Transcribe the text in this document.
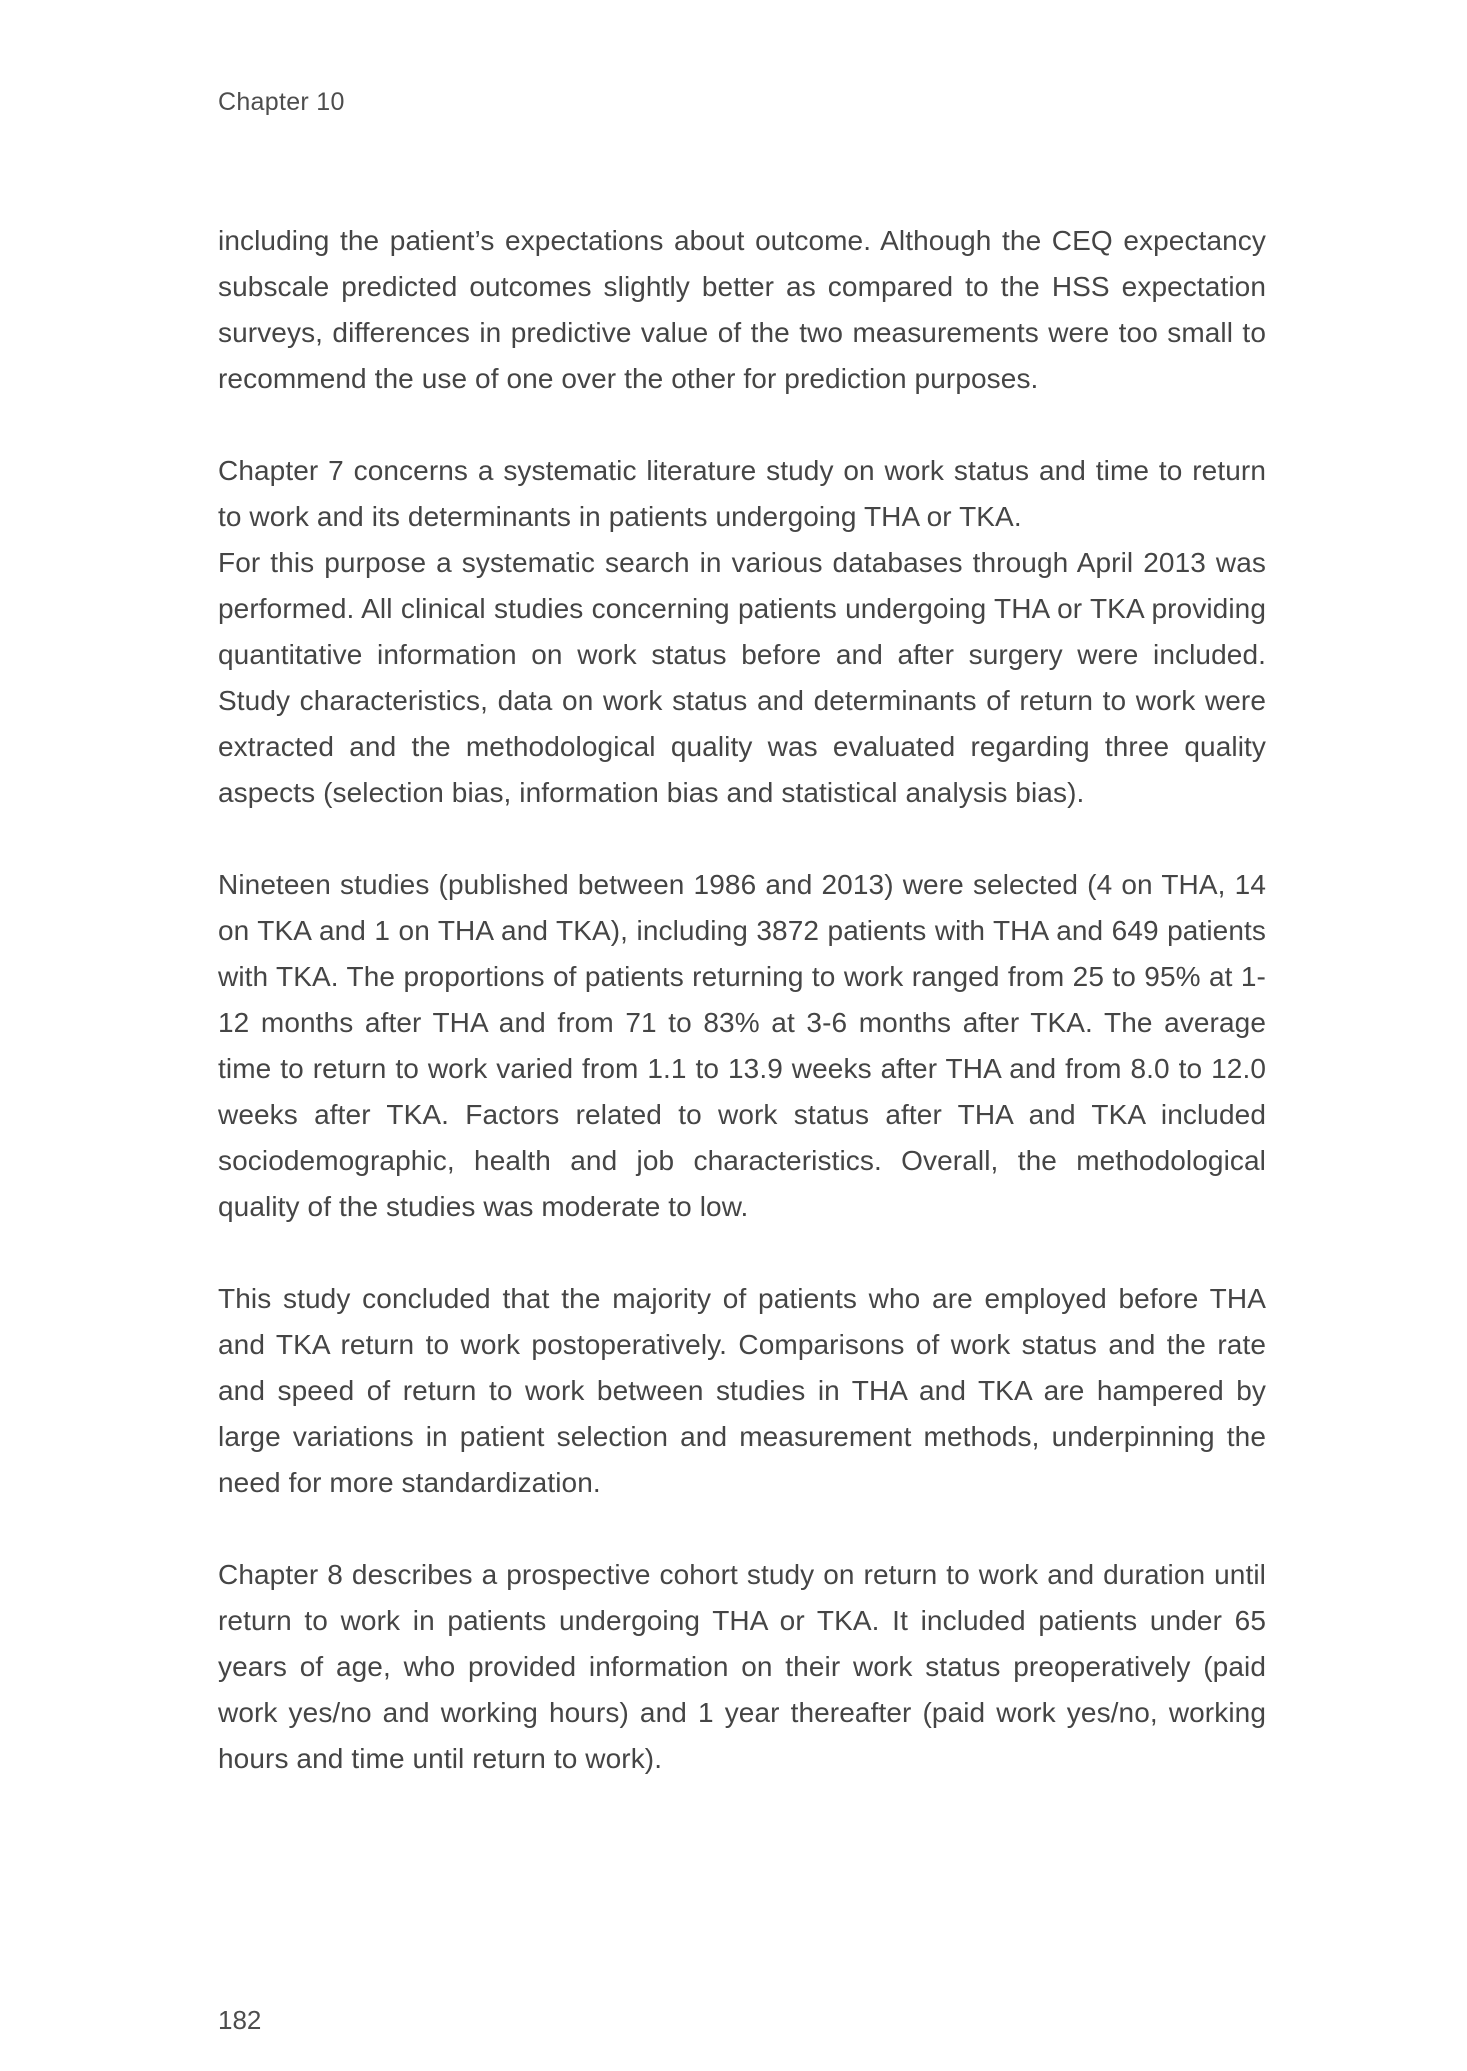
Chapter 10

including the patient’s expectations about outcome. Although the CEQ expectancy subscale predicted outcomes slightly better as compared to the HSS expectation surveys, differences in predictive value of the two measurements were too small to recommend the use of one over the other for prediction purposes.

Chapter 7 concerns a systematic literature study on work status and time to return to work and its determinants in patients undergoing THA or TKA.

For this purpose a systematic search in various databases through April 2013 was performed. All clinical studies concerning patients undergoing THA or TKA providing quantitative information on work status before and after surgery were included. Study characteristics, data on work status and determinants of return to work were extracted and the methodological quality was evaluated regarding three quality aspects (selection bias, information bias and statistical analysis bias).

Nineteen studies (published between 1986 and 2013) were selected (4 on THA, 14 on TKA and 1 on THA and TKA), including 3872 patients with THA and 649 patients with TKA. The proportions of patients returning to work ranged from 25 to 95% at 1-12 months after THA and from 71 to 83% at 3-6 months after TKA. The average time to return to work varied from 1.1 to 13.9 weeks after THA and from 8.0 to 12.0 weeks after TKA. Factors related to work status after THA and TKA included sociodemographic, health and job characteristics. Overall, the methodological quality of the studies was moderate to low.

This study concluded that the majority of patients who are employed before THA and TKA return to work postoperatively. Comparisons of work status and the rate and speed of return to work between studies in THA and TKA are hampered by large variations in patient selection and measurement methods, underpinning the need for more standardization.

Chapter 8 describes a prospective cohort study on return to work and duration until return to work in patients undergoing THA or TKA. It included patients under 65 years of age, who provided information on their work status preoperatively (paid work yes/no and working hours) and 1 year thereafter (paid work yes/no, working hours and time until return to work).

182
